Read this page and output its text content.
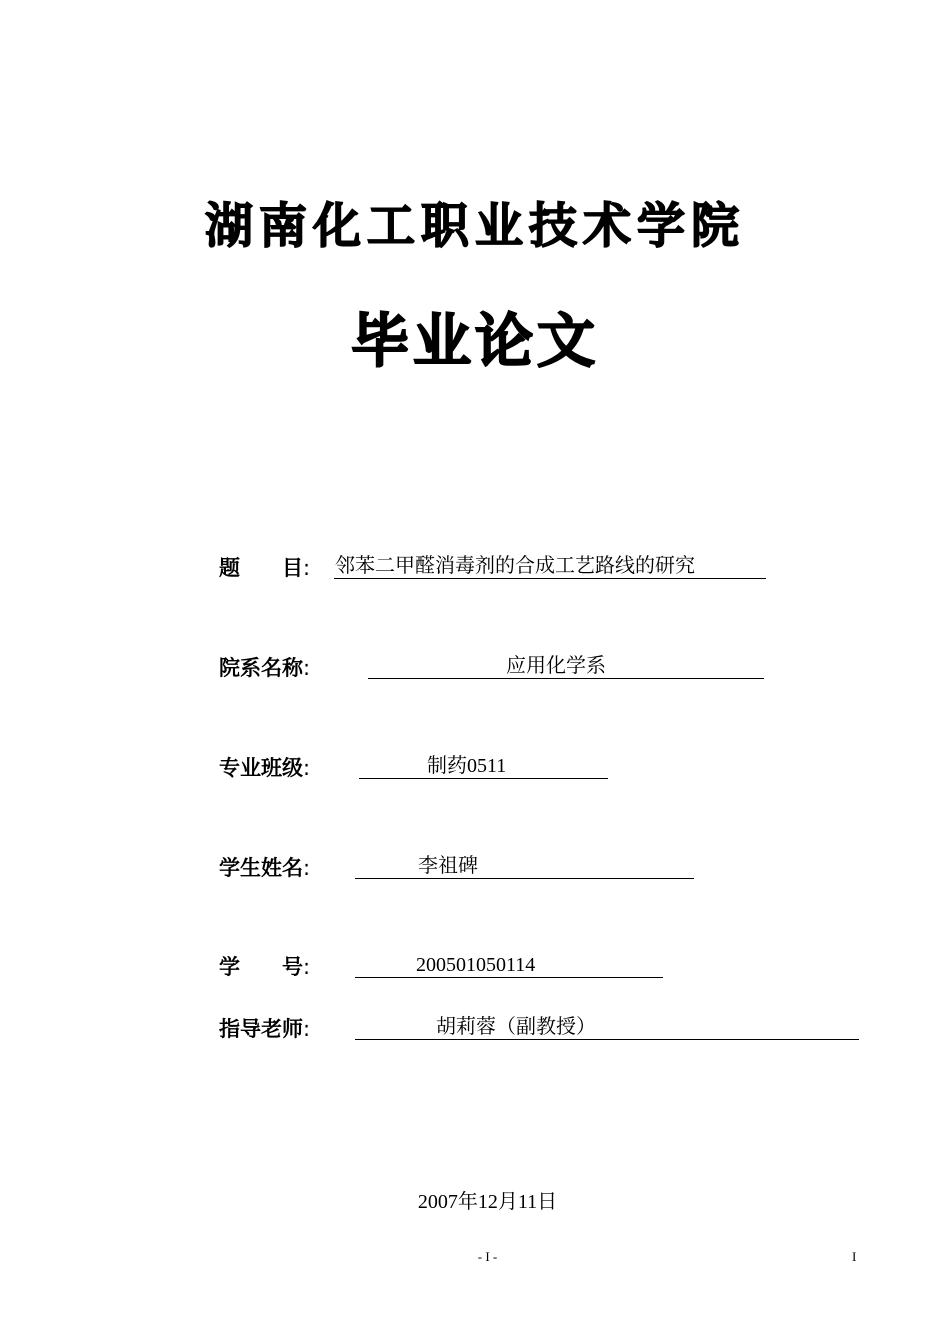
湖南化工职业技术学院
毕业论文
题　　目: 邻苯二甲醛消毒剂的合成工艺路线的研究
院系名称:	应用化学系
专业班级:	制药0511
学生姓名:	李祖碑
学　　号:	200501050114
指导老师:	胡莉蓉（副教授）
2007年12月11日
- I -	I
